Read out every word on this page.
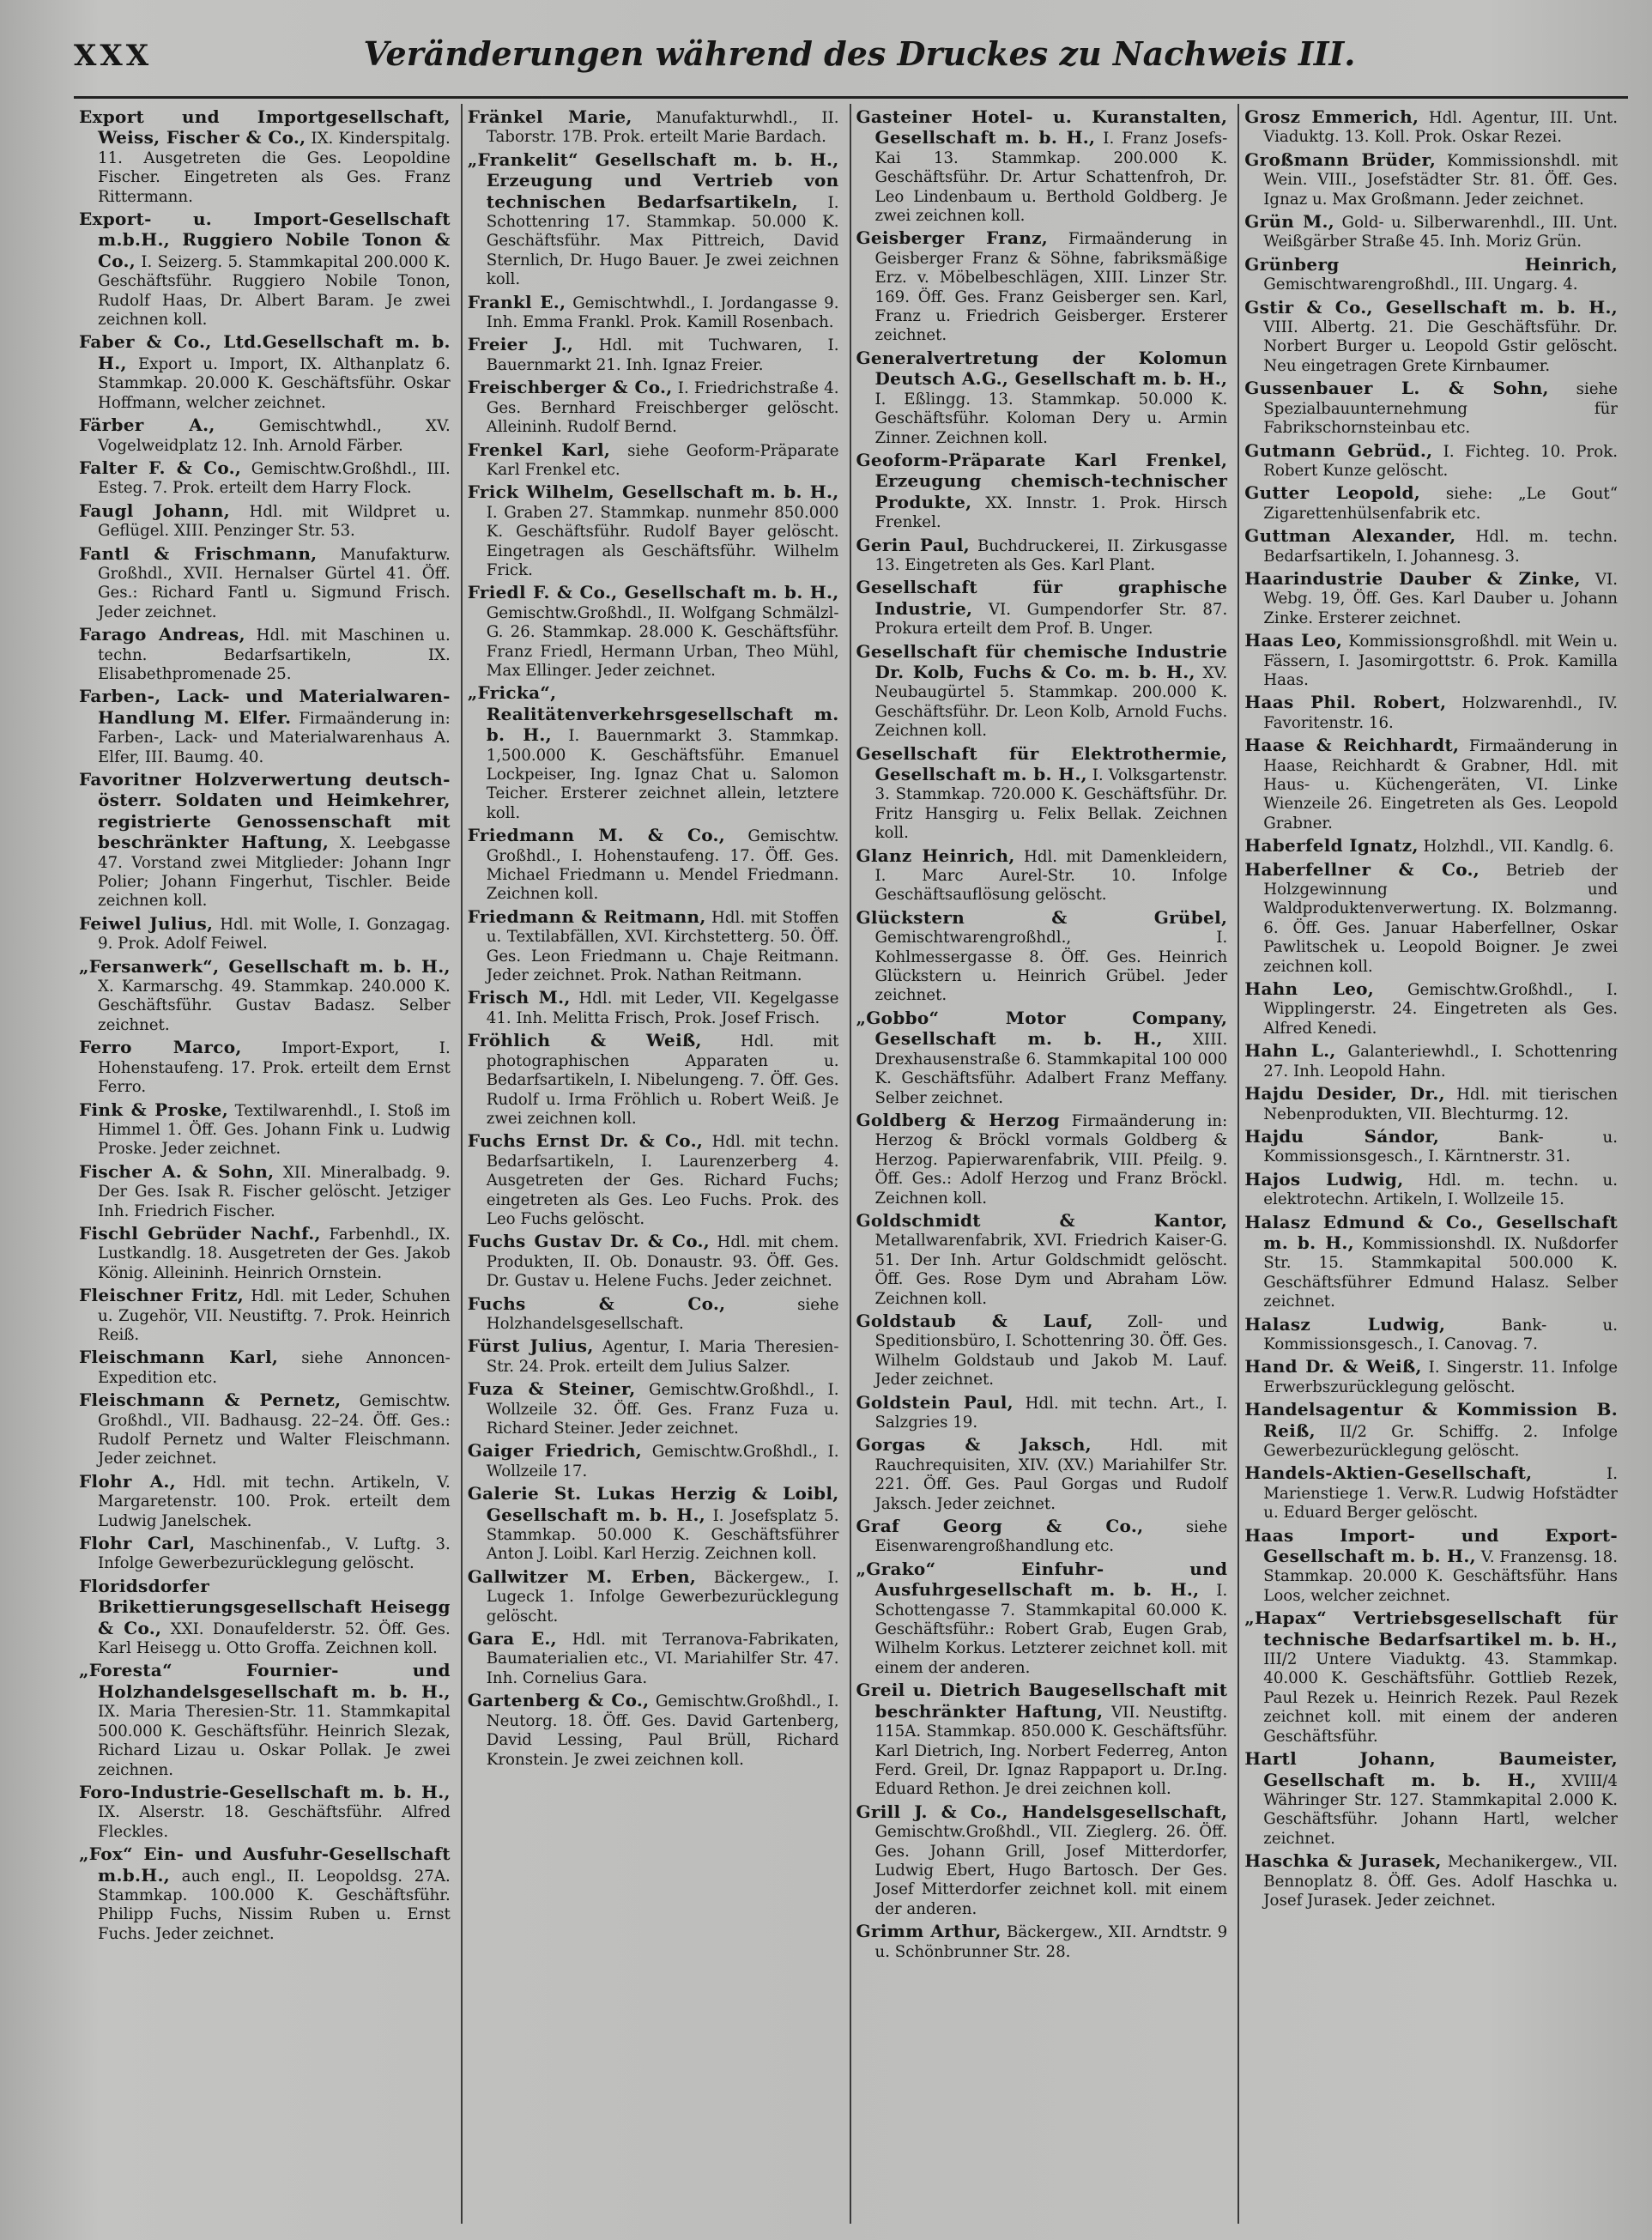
XXX	Veränderungen während des Druckes zu Nachweis III.

Export und Importgesellschaft, Weiss, Fischer & Co., IX. Kinderspitalg. 11. Ausgetreten die Ges. Leopoldine Fischer. Eingetreten als Ges. Franz Rittermann.

Export- u. Import-Gesellschaft m.b.H., Ruggiero Nobile Tonon & Co., I. Seizerg. 5. Stammkapital 200.000 K. Geschäftsführ. Ruggiero Nobile Tonon, Rudolf Haas, Dr. Albert Baram. Je zwei zeichnen koll.

Faber & Co., Ltd.Gesellschaft m. b. H., Export u. Import, IX. Althanplatz 6. Stammkap. 20.000 K. Geschäftsführ. Oskar Hoffmann, welcher zeichnet.

Färber A., Gemischtwhdl., XV. Vogelweidplatz 12. Inh. Arnold Färber.

Falter F. & Co., Gemischtw.Großhdl., III. Esteg. 7. Prok. erteilt dem Harry Flock.

Faugl Johann, Hdl. mit Wildpret u. Geflügel. XIII. Penzinger Str. 53.

Fantl & Frischmann, Manufakturw. Großhdl., XVII. Hernalser Gürtel 41. Öff. Ges.: Richard Fantl u. Sigmund Frisch. Jeder zeichnet.

Farago Andreas, Hdl. mit Maschinen u. techn. Bedarfsartikeln, IX. Elisabethpromenade 25.

Farben-, Lack- und Materialwaren-Handlung M. Elfer. Firmaänderung in: Farben-, Lack- und Materialwarenhaus A. Elfer, III. Baumg. 40.

Favoritner Holzverwertung deutsch-österr. Soldaten und Heimkehrer, registrierte Genossenschaft mit beschränkter Haftung, X. Leebgasse 47. Vorstand zwei Mitglieder: Johann Ingr Polier; Johann Fingerhut, Tischler. Beide zeichnen koll.

Feiwel Julius, Hdl. mit Wolle, I. Gonzagag. 9. Prok. Adolf Feiwel.

„Fersanwerk“, Gesellschaft m. b. H., X. Karmarschg. 49. Stammkap. 240.000 K. Geschäftsführ. Gustav Badasz. Selber zeichnet.

Ferro Marco, Import-Export, I. Hohenstaufeng. 17. Prok. erteilt dem Ernst Ferro.

Fink & Proske, Textilwarenhdl., I. Stoß im Himmel 1. Öff. Ges. Johann Fink u. Ludwig Proske. Jeder zeichnet.

Fischer A. & Sohn, XII. Mineralbadg. 9. Der Ges. Isak R. Fischer gelöscht. Jetziger Inh. Friedrich Fischer.

Fischl Gebrüder Nachf., Farbenhdl., IX. Lustkandlg. 18. Ausgetreten der Ges. Jakob König. Alleininh. Heinrich Ornstein.

Fleischner Fritz, Hdl. mit Leder, Schuhen u. Zugehör, VII. Neustiftg. 7. Prok. Heinrich Reiß.

Fleischmann Karl, siehe Annoncen-Expedition etc.

Fleischmann & Pernetz, Gemischtw. Großhdl., VII. Badhausg. 22–24. Öff. Ges.: Rudolf Pernetz und Walter Fleischmann. Jeder zeichnet.

Flohr A., Hdl. mit techn. Artikeln, V. Margaretenstr. 100. Prok. erteilt dem Ludwig Janelschek.

Flohr Carl, Maschinenfab., V. Luftg. 3. Infolge Gewerbezurücklegung gelöscht.

Floridsdorfer Brikettierungsgesellschaft Heisegg & Co., XXI. Donaufelderstr. 52. Öff. Ges. Karl Heisegg u. Otto Groffa. Zeichnen koll.

„Foresta“ Fournier- und Holzhandelsgesellschaft m. b. H., IX. Maria Theresien-Str. 11. Stammkapital 500.000 K. Geschäftsführ. Heinrich Slezak, Richard Lizau u. Oskar Pollak. Je zwei zeichnen.

Foro-Industrie-Gesellschaft m. b. H., IX. Alserstr. 18. Geschäftsführ. Alfred Fleckles.

„Fox“ Ein- und Ausfuhr-Gesellschaft m.b.H., auch engl., II. Leopoldsg. 27A. Stammkap. 100.000 K. Geschäftsführ. Philipp Fuchs, Nissim Ruben u. Ernst Fuchs. Jeder zeichnet.

Fränkel Marie, Manufakturwhdl., II. Taborstr. 17B. Prok. erteilt Marie Bardach.

„Frankelit“ Gesellschaft m. b. H., Erzeugung und Vertrieb von technischen Bedarfsartikeln, I. Schottenring 17. Stammkap. 50.000 K. Geschäftsführ. Max Pittreich, David Sternlich, Dr. Hugo Bauer. Je zwei zeichnen koll.

Frankl E., Gemischtwhdl., I. Jordangasse 9. Inh. Emma Frankl. Prok. Kamill Rosenbach.

Freier J., Hdl. mit Tuchwaren, I. Bauernmarkt 21. Inh. Ignaz Freier.

Freischberger & Co., I. Friedrichstraße 4. Ges. Bernhard Freischberger gelöscht. Alleininh. Rudolf Bernd.

Frenkel Karl, siehe Geoform-Präparate Karl Frenkel etc.

Frick Wilhelm, Gesellschaft m. b. H., I. Graben 27. Stammkap. nunmehr 850.000 K. Geschäftsführ. Rudolf Bayer gelöscht. Eingetragen als Geschäftsführ. Wilhelm Frick.

Friedl F. & Co., Gesellschaft m. b. H., Gemischtw.Großhdl., II. Wolfgang Schmälzl-G. 26. Stammkap. 28.000 K. Geschäftsführ. Franz Friedl, Hermann Urban, Theo Mühl, Max Ellinger. Jeder zeichnet.

„Fricka“, Realitätenverkehrsgesellschaft m. b. H., I. Bauernmarkt 3. Stammkap. 1,500.000 K. Geschäftsführ. Emanuel Lockpeiser, Ing. Ignaz Chat u. Salomon Teicher. Ersterer zeichnet allein, letztere koll.

Friedmann M. & Co., Gemischtw. Großhdl., I. Hohenstaufeng. 17. Öff. Ges. Michael Friedmann u. Mendel Friedmann. Zeichnen koll.

Friedmann & Reitmann, Hdl. mit Stoffen u. Textilabfällen, XVI. Kirchstetterg. 50. Öff. Ges. Leon Friedmann u. Chaje Reitmann. Jeder zeichnet. Prok. Nathan Reitmann.

Frisch M., Hdl. mit Leder, VII. Kegelgasse 41. Inh. Melitta Frisch, Prok. Josef Frisch.

Fröhlich & Weiß, Hdl. mit photographischen Apparaten u. Bedarfsartikeln, I. Nibelungeng. 7. Öff. Ges. Rudolf u. Irma Fröhlich u. Robert Weiß. Je zwei zeichnen koll.

Fuchs Ernst Dr. & Co., Hdl. mit techn. Bedarfsartikeln, I. Laurenzerberg 4. Ausgetreten der Ges. Richard Fuchs; eingetreten als Ges. Leo Fuchs. Prok. des Leo Fuchs gelöscht.

Fuchs Gustav Dr. & Co., Hdl. mit chem. Produkten, II. Ob. Donaustr. 93. Öff. Ges. Dr. Gustav u. Helene Fuchs. Jeder zeichnet.

Fuchs & Co., siehe Holzhandelsgesellschaft.

Fürst Julius, Agentur, I. Maria Theresien-Str. 24. Prok. erteilt dem Julius Salzer.

Fuza & Steiner, Gemischtw.Großhdl., I. Wollzeile 32. Öff. Ges. Franz Fuza u. Richard Steiner. Jeder zeichnet.

Gaiger Friedrich, Gemischtw.Großhdl., I. Wollzeile 17.

Galerie St. Lukas Herzig & Loibl, Gesellschaft m. b. H., I. Josefsplatz 5. Stammkap. 50.000 K. Geschäftsführer Anton J. Loibl. Karl Herzig. Zeichnen koll.

Gallwitzer M. Erben, Bäckergew., I. Lugeck 1. Infolge Gewerbezurücklegung gelöscht.

Gara E., Hdl. mit Terranova-Fabrikaten, Baumaterialien etc., VI. Mariahilfer Str. 47. Inh. Cornelius Gara.

Gartenberg & Co., Gemischtw.Großhdl., I. Neutorg. 18. Öff. Ges. David Gartenberg, David Lessing, Paul Brüll, Richard Kronstein. Je zwei zeichnen koll.

Gasteiner Hotel- u. Kuranstalten, Gesellschaft m. b. H., I. Franz Josefs-Kai 13. Stammkap. 200.000 K. Geschäftsführ. Dr. Artur Schattenfroh, Dr. Leo Lindenbaum u. Berthold Goldberg. Je zwei zeichnen koll.

Geisberger Franz, Firmaänderung in Geisberger Franz & Söhne, fabriksmäßige Erz. v. Möbelbeschlägen, XIII. Linzer Str. 169. Öff. Ges. Franz Geisberger sen. Karl, Franz u. Friedrich Geisberger. Ersterer zeichnet.

Generalvertretung der Kolomun Deutsch A.G., Gesellschaft m. b. H., I. Eßlingg. 13. Stammkap. 50.000 K. Geschäftsführ. Koloman Dery u. Armin Zinner. Zeichnen koll.

Geoform-Präparate Karl Frenkel, Erzeugung chemisch-technischer Produkte, XX. Innstr. 1. Prok. Hirsch Frenkel.

Gerin Paul, Buchdruckerei, II. Zirkusgasse 13. Eingetreten als Ges. Karl Plant.

Gesellschaft für graphische Industrie, VI. Gumpendorfer Str. 87. Prokura erteilt dem Prof. B. Unger.

Gesellschaft für chemische Industrie Dr. Kolb, Fuchs & Co. m. b. H., XV. Neubaugürtel 5. Stammkap. 200.000 K. Geschäftsführ. Dr. Leon Kolb, Arnold Fuchs. Zeichnen koll.

Gesellschaft für Elektrothermie, Gesellschaft m. b. H., I. Volksgartenstr. 3. Stammkap. 720.000 K. Geschäftsführ. Dr. Fritz Hansgirg u. Felix Bellak. Zeichnen koll.

Glanz Heinrich, Hdl. mit Damenkleidern, I. Marc Aurel-Str. 10. Infolge Geschäftsauflösung gelöscht.

Glückstern & Grübel, Gemischtwarengroßhdl., I. Kohlmessergasse 8. Öff. Ges. Heinrich Glückstern u. Heinrich Grübel. Jeder zeichnet.

„Gobbo“ Motor Company, Gesellschaft m. b. H., XIII. Drexhausenstraße 6. Stammkapital 100 000 K. Geschäftsführ. Adalbert Franz Meffany. Selber zeichnet.

Goldberg & Herzog Firmaänderung in: Herzog & Bröckl vormals Goldberg & Herzog. Papierwarenfabrik, VIII. Pfeilg. 9. Öff. Ges.: Adolf Herzog und Franz Bröckl. Zeichnen koll.

Goldschmidt & Kantor, Metallwarenfabrik, XVI. Friedrich Kaiser-G. 51. Der Inh. Artur Goldschmidt gelöscht. Öff. Ges. Rose Dym und Abraham Löw. Zeichnen koll.

Goldstaub & Lauf, Zoll- und Speditionsbüro, I. Schottenring 30. Öff. Ges. Wilhelm Goldstaub und Jakob M. Lauf. Jeder zeichnet.

Goldstein Paul, Hdl. mit techn. Art., I. Salzgries 19.

Gorgas & Jaksch, Hdl. mit Rauchrequisiten, XIV. (XV.) Mariahilfer Str. 221. Öff. Ges. Paul Gorgas und Rudolf Jaksch. Jeder zeichnet.

Graf Georg & Co., siehe Eisenwarengroßhandlung etc.

„Grako“ Einfuhr- und Ausfuhrgesellschaft m. b. H., I. Schottengasse 7. Stammkapital 60.000 K. Geschäftsführ.: Robert Grab, Eugen Grab, Wilhelm Korkus. Letzterer zeichnet koll. mit einem der anderen.

Greil u. Dietrich Baugesellschaft mit beschränkter Haftung, VII. Neustiftg. 115A. Stammkap. 850.000 K. Geschäftsführ. Karl Dietrich, Ing. Norbert Federreg, Anton Ferd. Greil, Dr. Ignaz Rappaport u. Dr.Ing. Eduard Rethon. Je drei zeichnen koll.

Grill J. & Co., Handelsgesellschaft, Gemischtw.Großhdl., VII. Zieglerg. 26. Öff. Ges. Johann Grill, Josef Mitterdorfer, Ludwig Ebert, Hugo Bartosch. Der Ges. Josef Mitterdorfer zeichnet koll. mit einem der anderen.

Grimm Arthur, Bäckergew., XII. Arndtstr. 9 u. Schönbrunner Str. 28.

Grosz Emmerich, Hdl. Agentur, III. Unt. Viaduktg. 13. Koll. Prok. Oskar Rezei.

Großmann Brüder, Kommissionshdl. mit Wein. VIII., Josefstädter Str. 81. Öff. Ges. Ignaz u. Max Großmann. Jeder zeichnet.

Grün M., Gold- u. Silberwarenhdl., III. Unt. Weißgärber Straße 45. Inh. Moriz Grün.

Grünberg Heinrich, Gemischtwarengroßhdl., III. Ungarg. 4.

Gstir & Co., Gesellschaft m. b. H., VIII. Albertg. 21. Die Geschäftsführ. Dr. Norbert Burger u. Leopold Gstir gelöscht. Neu eingetragen Grete Kirnbaumer.

Gussenbauer L. & Sohn, siehe Spezialbauunternehmung für Fabrikschornsteinbau etc.

Gutmann Gebrüd., I. Fichteg. 10. Prok. Robert Kunze gelöscht.

Gutter Leopold, siehe: „Le Gout“ Zigarettenhülsenfabrik etc.

Guttman Alexander, Hdl. m. techn. Bedarfsartikeln, I. Johannesg. 3.

Haarindustrie Dauber & Zinke, VI. Webg. 19, Öff. Ges. Karl Dauber u. Johann Zinke. Ersterer zeichnet.

Haas Leo, Kommissionsgroßhdl. mit Wein u. Fässern, I. Jasomirgottstr. 6. Prok. Kamilla Haas.

Haas Phil. Robert, Holzwarenhdl., IV. Favoritenstr. 16.

Haase & Reichhardt, Firmaänderung in Haase, Reichhardt & Grabner, Hdl. mit Haus- u. Küchengeräten, VI. Linke Wienzeile 26. Eingetreten als Ges. Leopold Grabner.

Haberfeld Ignatz, Holzhdl., VII. Kandlg. 6.

Haberfellner & Co., Betrieb der Holzgewinnung und Waldproduktenverwertung. IX. Bolzmanng. 6. Öff. Ges. Januar Haberfellner, Oskar Pawlitschek u. Leopold Boigner. Je zwei zeichnen koll.

Hahn Leo, Gemischtw.Großhdl., I. Wipplingerstr. 24. Eingetreten als Ges. Alfred Kenedi.

Hahn L., Galanteriewhdl., I. Schottenring 27. Inh. Leopold Hahn.

Hajdu Desider, Dr., Hdl. mit tierischen Nebenprodukten, VII. Blechturmg. 12.

Hajdu Sándor, Bank- u. Kommissionsgesch., I. Kärntnerstr. 31.

Hajos Ludwig, Hdl. m. techn. u. elektrotechn. Artikeln, I. Wollzeile 15.

Halasz Edmund & Co., Gesellschaft m. b. H., Kommissionshdl. IX. Nußdorfer Str. 15. Stammkapital 500.000 K. Geschäftsführer Edmund Halasz. Selber zeichnet.

Halasz Ludwig, Bank- u. Kommissionsgesch., I. Canovag. 7.

Hand Dr. & Weiß, I. Singerstr. 11. Infolge Erwerbszurücklegung gelöscht.

Handelsagentur & Kommission B. Reiß, II/2 Gr. Schiffg. 2. Infolge Gewerbezurücklegung gelöscht.

Handels-Aktien-Gesellschaft, I. Marienstiege 1. Verw.R. Ludwig Hofstädter u. Eduard Berger gelöscht.

Haas Import- und Export-Gesellschaft m. b. H., V. Franzensg. 18. Stammkap. 20.000 K. Geschäftsführ. Hans Loos, welcher zeichnet.

„Hapax“ Vertriebsgesellschaft für technische Bedarfsartikel m. b. H., III/2 Untere Viaduktg. 43. Stammkap. 40.000 K. Geschäftsführ. Gottlieb Rezek, Paul Rezek u. Heinrich Rezek. Paul Rezek zeichnet koll. mit einem der anderen Geschäftsführ.

Hartl Johann, Baumeister, Gesellschaft m. b. H., XVIII/4 Währinger Str. 127. Stammkapital 2.000 K. Geschäftsführ. Johann Hartl, welcher zeichnet.

Haschka & Jurasek, Mechanikergew., VII. Bennoplatz 8. Öff. Ges. Adolf Haschka u. Josef Jurasek. Jeder zeichnet.
